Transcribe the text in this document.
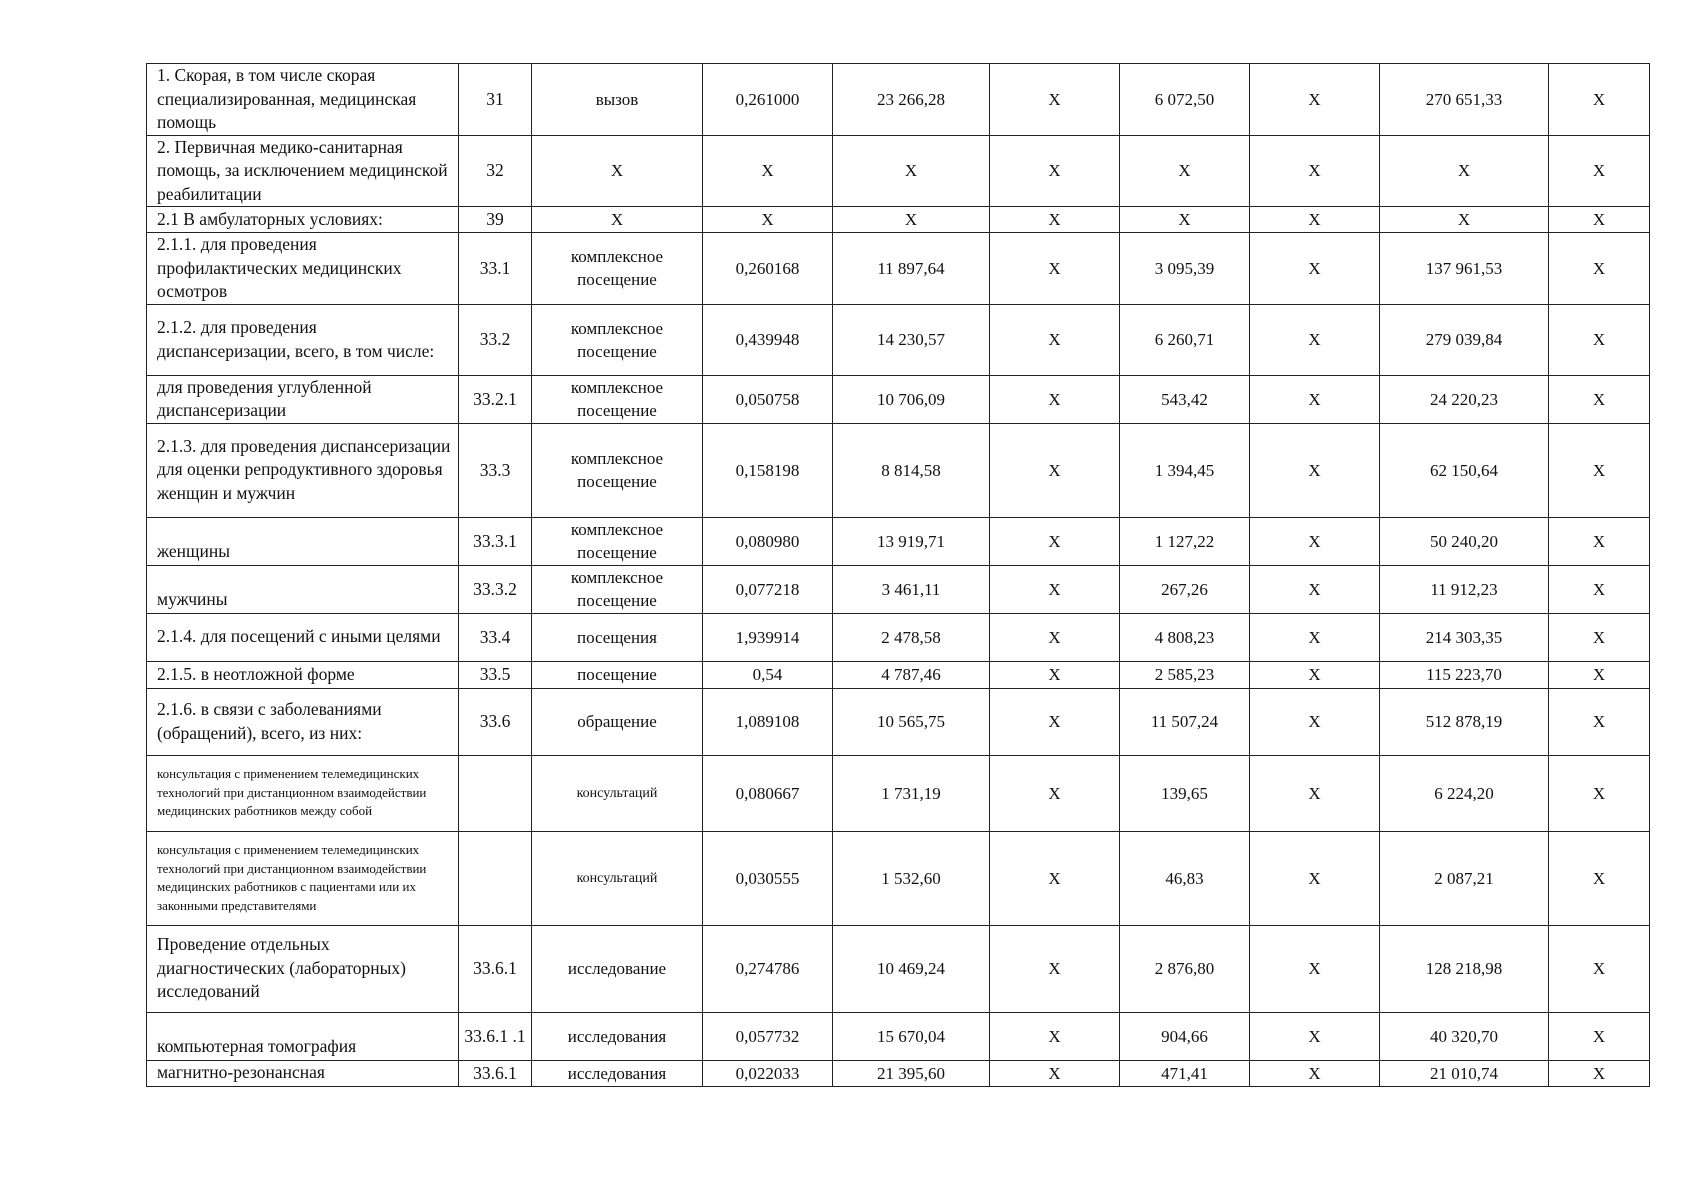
1. Скорая, в том числе скорая специализированная, медицинская помощь	31	вызов	0,261000	23 266,28	X	6 072,50	X	270 651,33	X
2. Первичная медико-санитарная помощь, за исключением медицинской реабилитации	32	X	X	X	X	X	X	X	X
2.1 В амбулаторных условиях:	39	X	X	X	X	X	X	X	X
2.1.1. для проведения профилактических медицинских осмотров	33.1	комплексное посещение	0,260168	11 897,64	X	3 095,39	X	137 961,53	X
2.1.2. для проведения диспансеризации, всего, в том числе:	33.2	комплексное посещение	0,439948	14 230,57	X	6 260,71	X	279 039,84	X
для проведения углубленной диспансеризации	33.2.1	комплексное посещение	0,050758	10 706,09	X	543,42	X	24 220,23	X
2.1.3. для проведения диспансеризации для оценки репродуктивного здоровья женщин и мужчин	33.3	комплексное посещение	0,158198	8 814,58	X	1 394,45	X	62 150,64	X
женщины	33.3.1	комплексное посещение	0,080980	13 919,71	X	1 127,22	X	50 240,20	X
мужчины	33.3.2	комплексное посещение	0,077218	3 461,11	X	267,26	X	11 912,23	X
2.1.4. для посещений с иными целями	33.4	посещения	1,939914	2 478,58	X	4 808,23	X	214 303,35	X
2.1.5. в неотложной форме	33.5	посещение	0,54	4 787,46	X	2 585,23	X	115 223,70	X
2.1.6. в связи с заболеваниями (обращений), всего, из них:	33.6	обращение	1,089108	10 565,75	X	11 507,24	X	512 878,19	X
консультация с применением телемедицинских технологий при дистанционном взаимодействии медицинских работников между собой		консультаций	0,080667	1 731,19	X	139,65	X	6 224,20	X
консультация с применением телемедицинских технологий при дистанционном взаимодействии медицинских работников с пациентами или их законными представителями		консультаций	0,030555	1 532,60	X	46,83	X	2 087,21	X
Проведение отдельных диагностических (лабораторных) исследований	33.6.1	исследование	0,274786	10 469,24	X	2 876,80	X	128 218,98	X
компьютерная томография	33.6.1 .1	исследования	0,057732	15 670,04	X	904,66	X	40 320,70	X
магнитно-резонансная	33.6.1	исследования	0,022033	21 395,60	X	471,41	X	21 010,74	X
